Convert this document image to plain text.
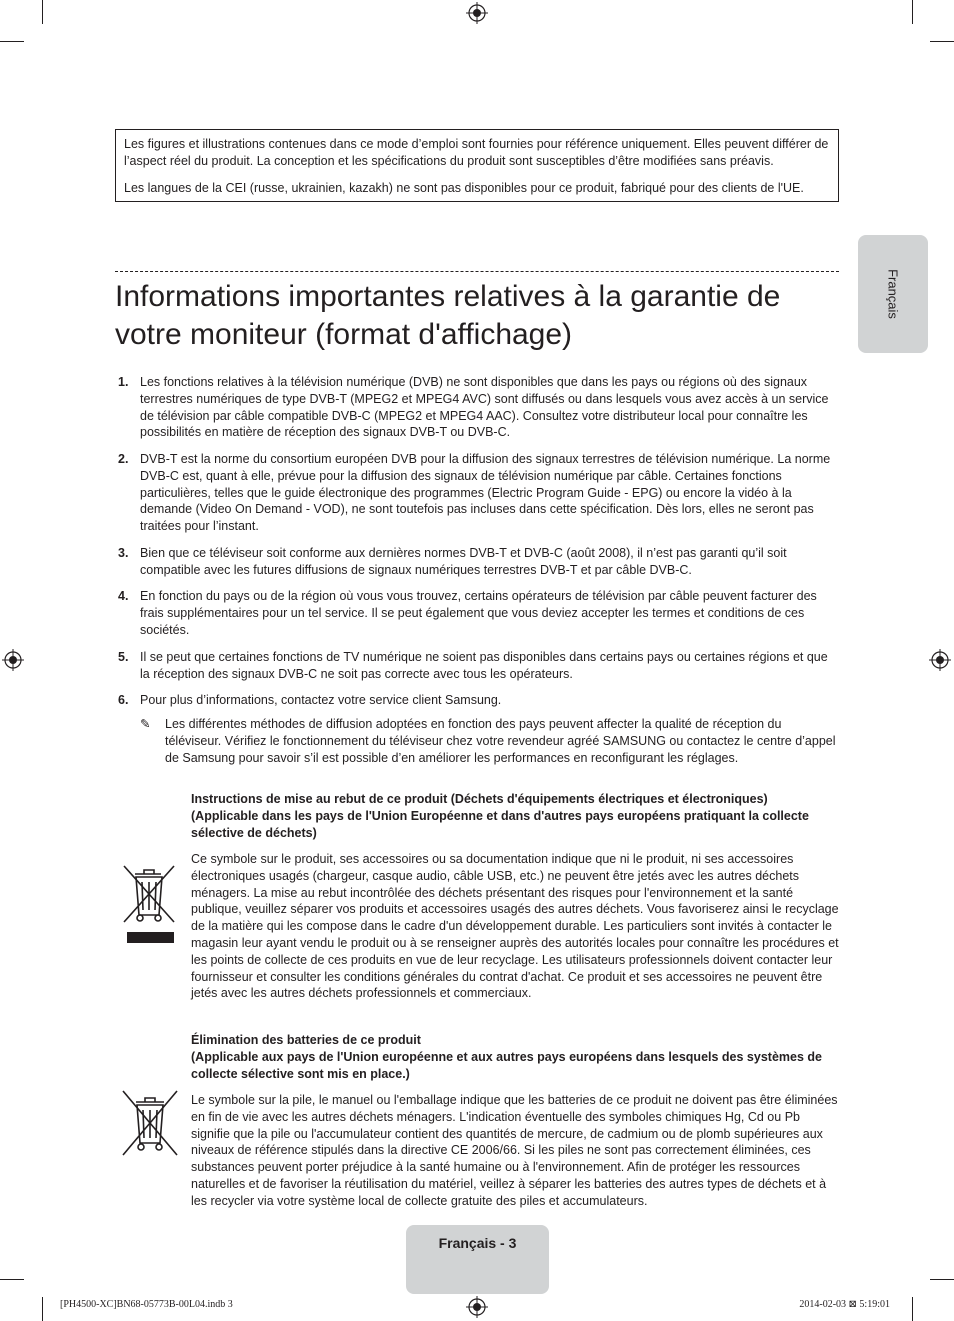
Les figures et illustrations contenues dans ce mode d’emploi sont fournies pour référence uniquement. Elles peuvent différer de l’aspect réel du produit. La conception et les spécifications du produit sont susceptibles d’être modifiées sans préavis.

Les langues de la CEI (russe, ukrainien, kazakh) ne sont pas disponibles pour ce produit, fabriqué pour des clients de l'UE.

Français
Informations importantes relatives à la garantie de votre moniteur (format d'affichage)
1. Les fonctions relatives à la télévision numérique (DVB) ne sont disponibles que dans les pays ou régions où des signaux terrestres numériques de type DVB-T (MPEG2 et MPEG4 AVC) sont diffusés ou dans lesquels vous avez accès à un service de télévision par câble compatible DVB-C (MPEG2 et MPEG4 AAC). Consultez votre distributeur local pour connaître les possibilités en matière de réception des signaux DVB-T ou DVB-C.
2. DVB-T est la norme du consortium européen DVB pour la diffusion des signaux terrestres de télévision numérique. La norme DVB-C est, quant à elle, prévue pour la diffusion des signaux de télévision numérique par câble. Certaines fonctions particulières, telles que le guide électronique des programmes (Electric Program Guide - EPG) ou encore la vidéo à la demande (Video On Demand - VOD), ne sont toutefois pas incluses dans cette spécification. Dès lors, elles ne seront pas traitées pour l’instant.
3. Bien que ce téléviseur soit conforme aux dernières normes DVB-T et DVB-C (août 2008), il n’est pas garanti qu’il soit compatible avec les futures diffusions de signaux numériques terrestres DVB-T et par câble DVB-C.
4. En fonction du pays ou de la région où vous vous trouvez, certains opérateurs de télévision par câble peuvent facturer des frais supplémentaires pour un tel service. Il se peut également que vous deviez accepter les termes et conditions de ces sociétés.
5. Il se peut que certaines fonctions de TV numérique ne soient pas disponibles dans certains pays ou certaines régions et que la réception des signaux DVB-C ne soit pas correcte avec tous les opérateurs.
6. Pour plus d’informations, contactez votre service client Samsung.
✎ Les différentes méthodes de diffusion adoptées en fonction des pays peuvent affecter la qualité de réception du téléviseur. Vérifiez le fonctionnement du téléviseur chez votre revendeur agréé SAMSUNG ou contactez le centre d’appel de Samsung pour savoir s’il est possible d’en améliorer les performances en reconfigurant les réglages.
Instructions de mise au rebut de ce produit (Déchets d'équipements électriques et électroniques)
(Applicable dans les pays de l'Union Européenne et dans d'autres pays européens pratiquant la collecte sélective de déchets)
Ce symbole sur le produit, ses accessoires ou sa documentation indique que ni le produit, ni ses accessoires électroniques usagés (chargeur, casque audio, câble USB, etc.) ne peuvent être jetés avec les autres déchets ménagers. La mise au rebut incontrôlée des déchets présentant des risques pour l'environnement et la santé publique, veuillez séparer vos produits et accessoires usagés des autres déchets. Vous favoriserez ainsi le recyclage de la matière qui les compose dans le cadre d'un développement durable. Les particuliers sont invités à contacter le magasin leur ayant vendu le produit ou à se renseigner auprès des autorités locales pour connaître les procédures et les points de collecte de ces produits en vue de leur recyclage. Les utilisateurs professionnels doivent contacter leur fournisseur et consulter les conditions générales du contrat d'achat. Ce produit et ses accessoires ne peuvent être jetés avec les autres déchets professionnels et commerciaux.
Élimination des batteries de ce produit
(Applicable aux pays de l'Union européenne et aux autres pays européens dans lesquels des systèmes de collecte sélective sont mis en place.)
Le symbole sur la pile, le manuel ou l'emballage indique que les batteries de ce produit ne doivent pas être éliminées en fin de vie avec les autres déchets ménagers. L'indication éventuelle des symboles chimiques Hg, Cd ou Pb signifie que la pile ou l'accumulateur contient des quantités de mercure, de cadmium ou de plomb supérieures aux niveaux de référence stipulés dans la directive CE 2006/66. Si les piles ne sont pas correctement éliminées, ces substances peuvent porter préjudice à la santé humaine ou à l'environnement. Afin de protéger les ressources naturelles et de favoriser la réutilisation du matériel, veillez à séparer les batteries des autres types de déchets et à les recycler via votre système local de collecte gratuite des piles et accumulateurs.
Français - 3
[PH4500-XC]BN68-05773B-00L04.indb 3	2014-02-03 ⊠ 5:19:01
